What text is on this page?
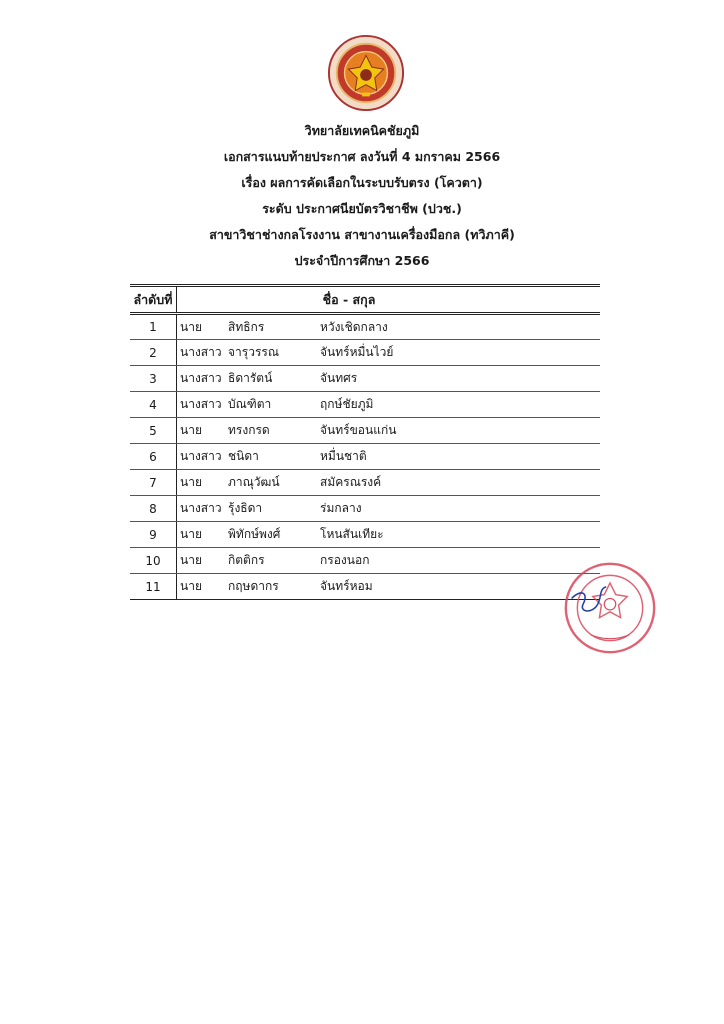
วิทยาลัยเทคนิคชัยภูมิ
เอกสารแนบท้ายประกาศ ลงวันที่ 4 มกราคม 2566
เรื่อง ผลการคัดเลือกในระบบรับตรง (โควตา)
ระดับ ประกาศนียบัตรวิชาชีพ (ปวช.)
สาขาวิชาช่างกลโรงงาน สาขางานเครื่องมือกล (ทวิภาคี)
ประจำปีการศึกษา 2566
ลำดับที่	ชื่อ - สกุล		
1	นาย	สิทธิกร	หวังเชิดกลาง
2	นางสาว	จารุวรรณ	จันทร์หมื่นไวย์
3	นางสาว	ธิดารัตน์	จันทศร
4	นางสาว	บัณฑิตา	ฤกษ์ชัยภูมิ
5	นาย	ทรงกรด	จันทร์ขอนแก่น
6	นางสาว	ชนิดา	หมื่นชาติ
7	นาย	ภาณุวัฒน์	สมัครณรงค์
8	นางสาว	รุ้งธิดา	ร่มกลาง
9	นาย	พิทักษ์พงศ์	โหนสันเทียะ
10	นาย	กิตติกร	กรองนอก
11	นาย	กฤษดากร	จันทร์หอม
